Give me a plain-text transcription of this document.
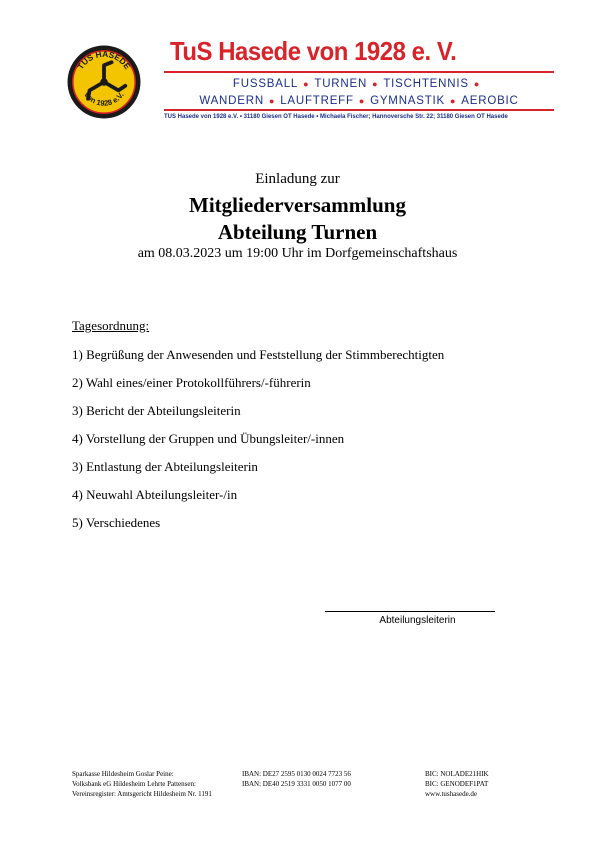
TUS HASEDE
von 1928 e.V.
TuS Hasede von 1928 e. V.
FUSSBALL ● TURNEN ● TISCHTENNIS ●
WANDERN ● LAUFTREFF ● GYMNASTIK ● AEROBIC
TUS Hasede von 1928 e.V. • 31180 Giesen OT Hasede • Michaela Fischer; Hannoversche Str. 22; 31180 Giesen OT Hasede
Einladung zur
Mitgliederversammlung
Abteilung Turnen
am 08.03.2023 um 19:00 Uhr im Dorfgemeinschaftshaus
Tagesordnung:
1) Begrüßung der Anwesenden und Feststellung der Stimmberechtigten
2) Wahl eines/einer Protokollführers/-führerin
3) Bericht der Abteilungsleiterin
4) Vorstellung der Gruppen und Übungsleiter/-innen
3) Entlastung der Abteilungsleiterin
4) Neuwahl Abteilungsleiter-/in
5) Verschiedenes
Abteilungsleiterin
Sparkasse Hildesheim Goslar Peine:
Volksbank eG Hildesheim Lehrte Pattensen:
Vereinsregister: Amtsgericht Hildesheim Nr. 1191
IBAN: DE27 2595 0130 0024 7723 56
IBAN: DE40 2519 3331 0050 1077 00
BIC: NOLADE21HIK
BIC: GENODEF1PAT
www.tushasede.de
